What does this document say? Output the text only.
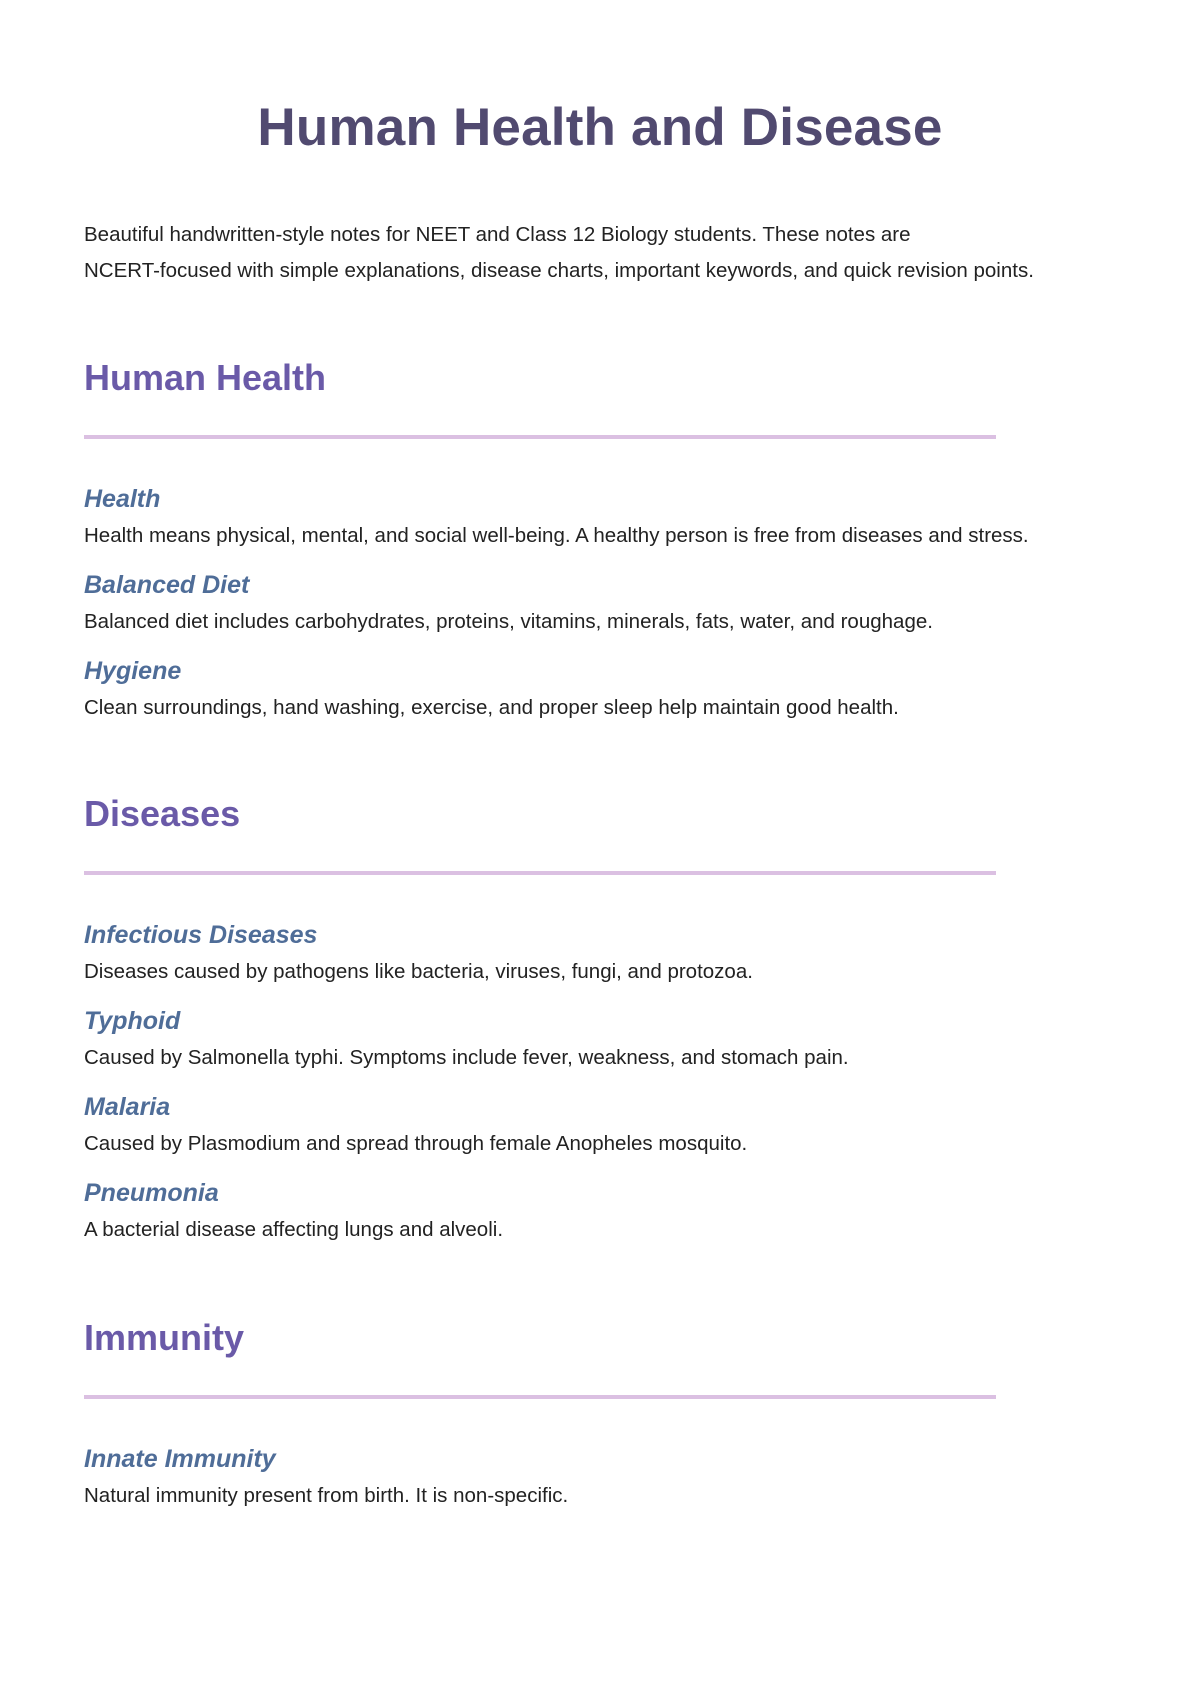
Human Health and Disease

Beautiful handwritten-style notes for NEET and Class 12 Biology students. These notes are
NCERT-focused with simple explanations, disease charts, important keywords, and quick revision points.

Human Health
Health

Health means physical, mental, and social well-being. A healthy person is free from diseases and stress.

Balanced Diet

Balanced diet includes carbohydrates, proteins, vitamins, minerals, fats, water, and roughage.

Hygiene

Clean surroundings, hand washing, exercise, and proper sleep help maintain good health.

Diseases
Infectious Diseases

Diseases caused by pathogens like bacteria, viruses, fungi, and protozoa.

Typhoid

Caused by Salmonella typhi. Symptoms include fever, weakness, and stomach pain.

Malaria

Caused by Plasmodium and spread through female Anopheles mosquito.

Pneumonia

A bacterial disease affecting lungs and alveoli.

Immunity
Innate Immunity

Natural immunity present from birth. It is non-specific.
